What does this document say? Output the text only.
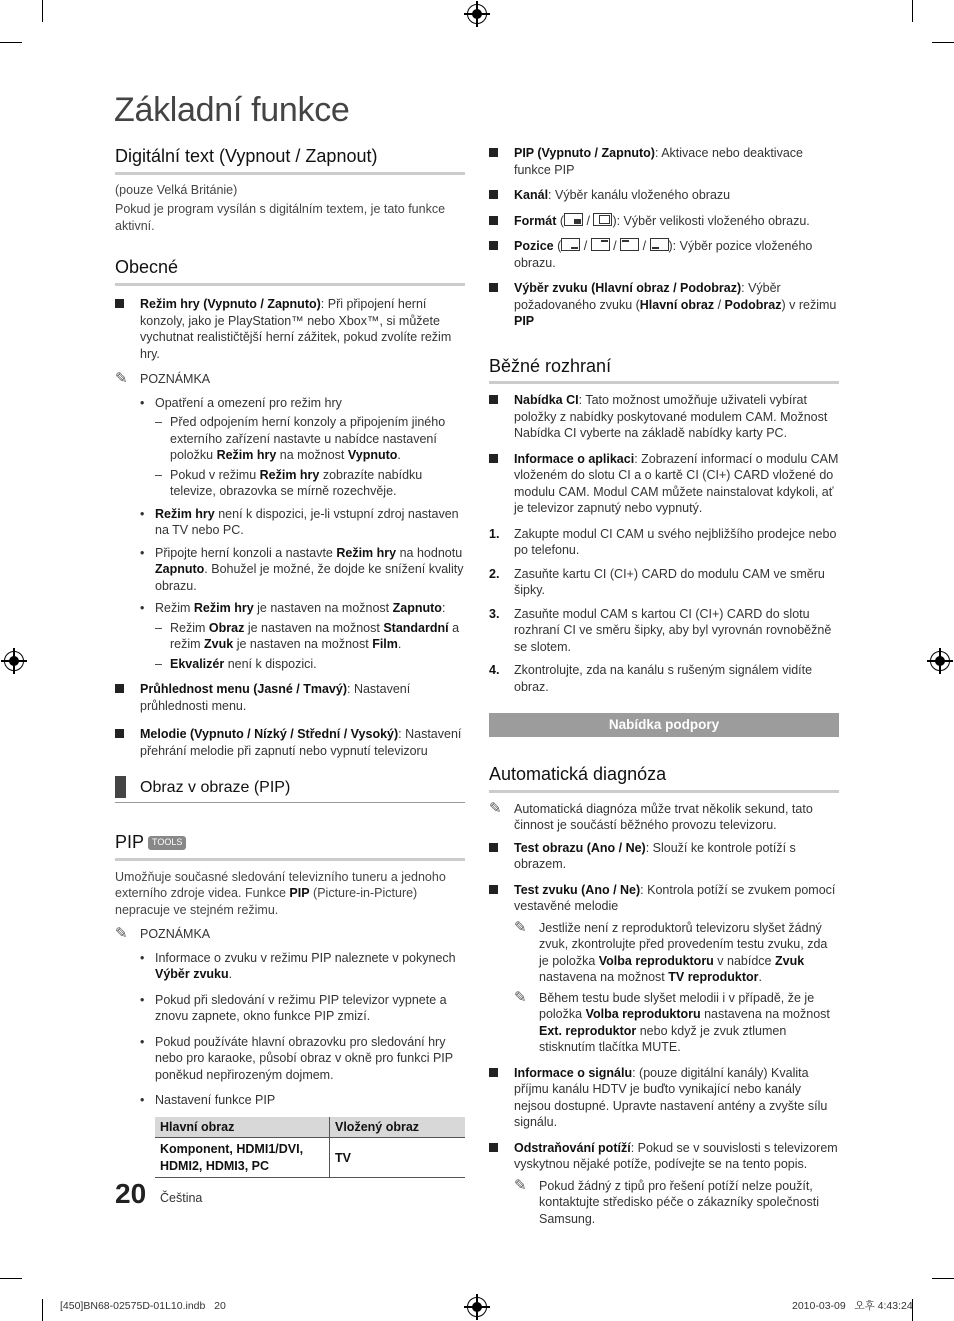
Základní funkce
Digitální text (Vypnout / Zapnout)
(pouze Velká Británie)
Pokud je program vysílán s digitálním textem, je tato funkce aktivní.
Obecné
Režim hry (Vypnuto / Zapnuto): Při připojení herní konzoly, jako je PlayStation™ nebo Xbox™, si můžete vychutnat realističtější herní zážitek, pokud zvolíte režim hry.
✎ POZNÁMKA
• Opatření a omezení pro režim hry
– Před odpojením herní konzoly a připojením jiného externího zařízení nastavte u nabídce nastavení položku Režim hry na možnost Vypnuto.
– Pokud v režimu Režim hry zobrazíte nabídku televize, obrazovka se mírně rozechvěje.
• Režim hry není k dispozici, je-li vstupní zdroj nastaven na TV nebo PC.
• Připojte herní konzoli a nastavte Režim hry na hodnotu Zapnuto. Bohužel je možné, že dojde ke snížení kvality obrazu.
• Režim Režim hry je nastaven na možnost Zapnuto:
– Režim Obraz je nastaven na možnost Standardní a režim Zvuk je nastaven na možnost Film.
– Ekvalizér není k dispozici.
Průhlednost menu (Jasné / Tmavý): Nastavení průhlednosti menu.
Melodie (Vypnuto / Nízký / Střední / Vysoký): Nastavení přehrání melodie při zapnutí nebo vypnutí televizoru
Obraz v obraze (PIP)
PIP TOOLS
Umožňuje současné sledování televizního tuneru a jednoho externího zdroje videa. Funkce PIP (Picture-in-Picture) nepracuje ve stejném režimu.
✎ POZNÁMKA
• Informace o zvuku v režimu PIP naleznete v pokynech Výběr zvuku.
• Pokud při sledování v režimu PIP televizor vypnete a znovu zapnete, okno funkce PIP zmizí.
• Pokud používáte hlavní obrazovku pro sledování hry nebo pro karaoke, působí obraz v okně pro funkci PIP poněkud nepřirozeným dojmem.
• Nastavení funkce PIP
Hlavní obraz	Vložený obraz
Komponent, HDMI1/DVI, HDMI2, HDMI3, PC	TV
PIP (Vypnuto / Zapnuto): Aktivace nebo deaktivace funkce PIP
Kanál: Výběr kanálu vloženého obrazu
Formát (
/
): Výběr velikosti vloženého obrazu.
Pozice (
/
/
/
): Výběr pozice vloženého obrazu.
Výběr zvuku (Hlavní obraz / Podobraz): Výběr požadovaného zvuku (Hlavní obraz / Podobraz) v režimu PIP
Běžné rozhraní
Nabídka CI: Tato možnost umožňuje uživateli vybírat položky z nabídky poskytované modulem CAM. Možnost Nabídka CI vyberte na základě nabídky karty PC.
Informace o aplikaci: Zobrazení informací o modulu CAM vloženém do slotu CI a o kartě CI (CI+) CARD vložené do modulu CAM. Modul CAM můžete nainstalovat kdykoli, ať je televizor zapnutý nebo vypnutý.
1. Zakupte modul CI CAM u svého nejbližšího prodejce nebo po telefonu.
2. Zasuňte kartu CI (CI+) CARD do modulu CAM ve směru šipky.
3. Zasuňte modul CAM s kartou CI (CI+) CARD do slotu rozhraní CI ve směru šipky, aby byl vyrovnán rovnoběžně se slotem.
4. Zkontrolujte, zda na kanálu s rušeným signálem vidíte obraz.
Nabídka podpory
Automatická diagnóza
✎ Automatická diagnóza může trvat několik sekund, tato činnost je součástí běžného provozu televizoru.
Test obrazu (Ano / Ne): Slouží ke kontrole potíží s obrazem.
Test zvuku (Ano / Ne): Kontrola potíží se zvukem pomocí vestavěné melodie
✎ Jestliže není z reproduktorů televizoru slyšet žádný zvuk, zkontrolujte před provedením testu zvuku, zda je položka Volba reproduktoru v nabídce Zvuk nastavena na možnost TV reproduktor.
✎ Během testu bude slyšet melodii i v případě, že je položka Volba reproduktoru nastavena na možnost Ext. reproduktor nebo když je zvuk ztlumen stisknutím tlačítka MUTE.
Informace o signálu: (pouze digitální kanály) Kvalita příjmu kanálu HDTV je buďto vynikající nebo kanály nejsou dostupné. Upravte nastavení antény a zvyšte sílu signálu.
Odstraňování potíží: Pokud se v souvislosti s televizorem vyskytnou nějaké potíže, podívejte se na tento popis.
✎ Pokud žádný z tipů pro řešení potíží nelze použít, kontaktujte středisko péče o zákazníky společnosti Samsung.
20 Čeština
[450]BN68-02575D-01L10.indb   20	2010-03-09   오후 4:43:24
